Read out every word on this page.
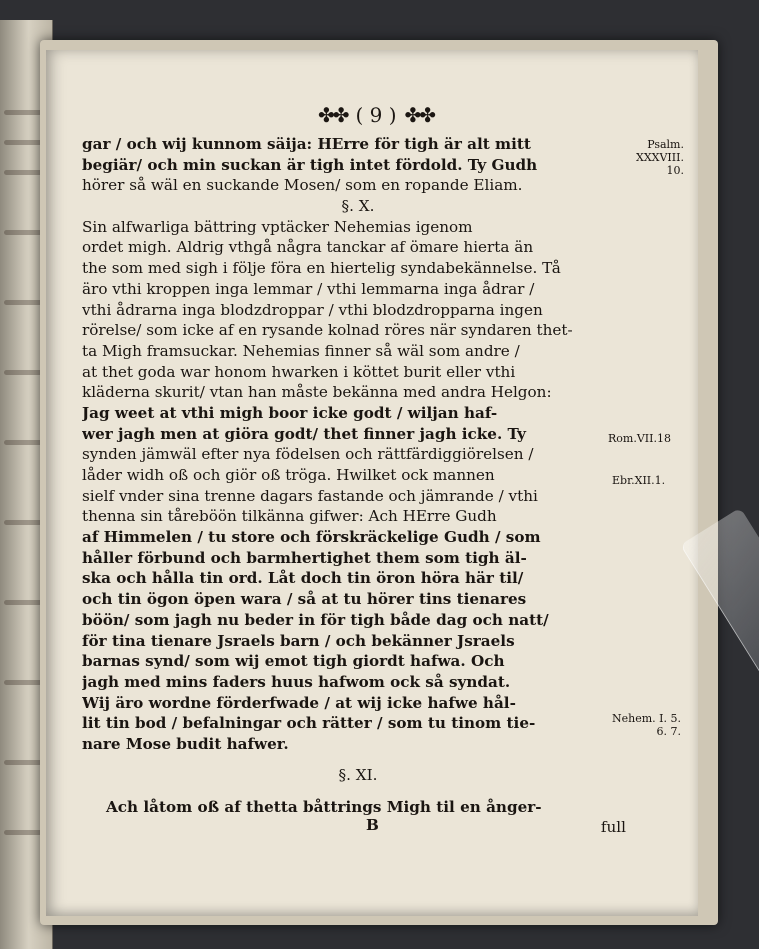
✤✤ ( 9 ) ✤✤
gar / och wij kunnom säija: HErre för tigh är alt mitt
begiär/ och min suckan är tigh intet fördold. Ty Gudh
hörer så wäl en suckande Mosen/ som en ropande Eliam.
§. X.
Sin alfwarliga bättring vptäcker Nehemias igenom
ordet migh. Aldrig vthgå några tanckar af ömare hierta än
the som med sigh i följe föra en hiertelig syndabekännelse. Tå
äro vthi kroppen inga lemmar / vthi lemmarna inga ådrar /
vthi ådrarna inga blodzdroppar / vthi blodzdropparna ingen
rörelse/ som icke af en rysande kolnad röres när syndaren thet-
ta Migh framsuckar. Nehemias finner så wäl som andre /
at thet goda war honom hwarken i köttet burit eller vthi
kläderna skurit/ vtan han måste bekänna med andra Helgon:
Jag weet at vthi migh boor icke godt / wiljan haf-
wer jagh men at giöra godt/ thet finner jagh icke. Ty
synden jämwäl efter nya födelsen och rättfärdiggiörelsen /
låder widh oß och giör oß tröga. Hwilket ock mannen
sielf vnder sina trenne dagars fastande och jämrande / vthi
thenna sin tåreböön tilkänna gifwer: Ach HErre Gudh
af Himmelen / tu store och förskräckelige Gudh / som
håller förbund och barmhertighet them som tigh äl-
ska och hålla tin ord. Låt doch tin öron höra här til/
och tin ögon öpen wara / så at tu hörer tins tienares
böön/ som jagh nu beder in för tigh både dag och natt/
för tina tienare Jsraels barn / och bekänner Jsraels
barnas synd/ som wij emot tigh giordt hafwa. Och
jagh med mins faders huus hafwom ock så syndat.
Wij äro wordne förderfwade / at wij icke hafwe hål-
lit tin bod / befalningar och rätter / som tu tinom tie-
nare Mose budit hafwer.
§. XI.
Ach låtom oß af thetta båttrings Migh til en ånger-
B	full
Psalm.
XXXVIII.
10.
Rom.VII.18
Ebr.XII.1.
Nehem. I. 5.
6. 7.
